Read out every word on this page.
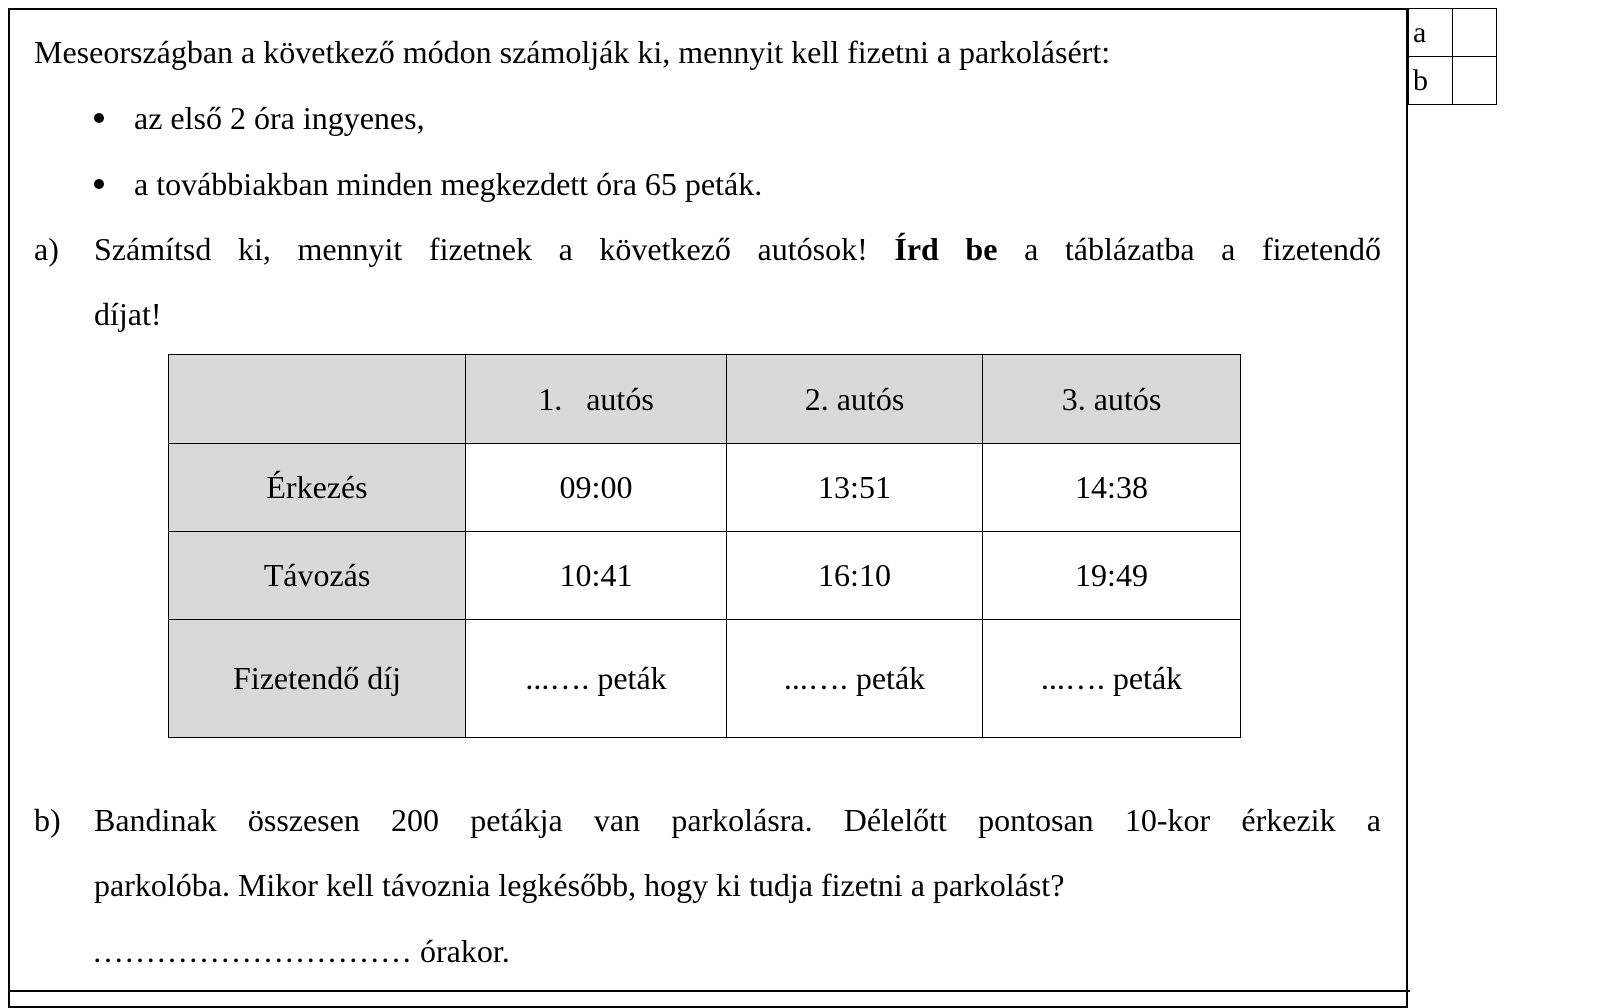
a	
b	
Meseországban a következő módon számolják ki, mennyit kell fizetni a parkolásért:
az első 2 óra ingyenes,
a továbbiakban minden megkezdett óra 65 peták.
a) Számítsd ki, mennyit fizetnek a következő autósok! Írd be a táblázatba a fizetendő
díjat!
	1.   autós	2. autós	3. autós
Érkezés	09:00	13:51	14:38
Távozás	10:41	16:10	19:49
Fizetendő díj	...…. peták	...…. peták	...…. peták
b) Bandinak összesen 200 petákja van parkolásra. Délelőtt pontosan 10-kor érkezik a
parkolóba. Mikor kell távoznia legkésőbb, hogy ki tudja fizetni a parkolást?
………………………… órakor.
